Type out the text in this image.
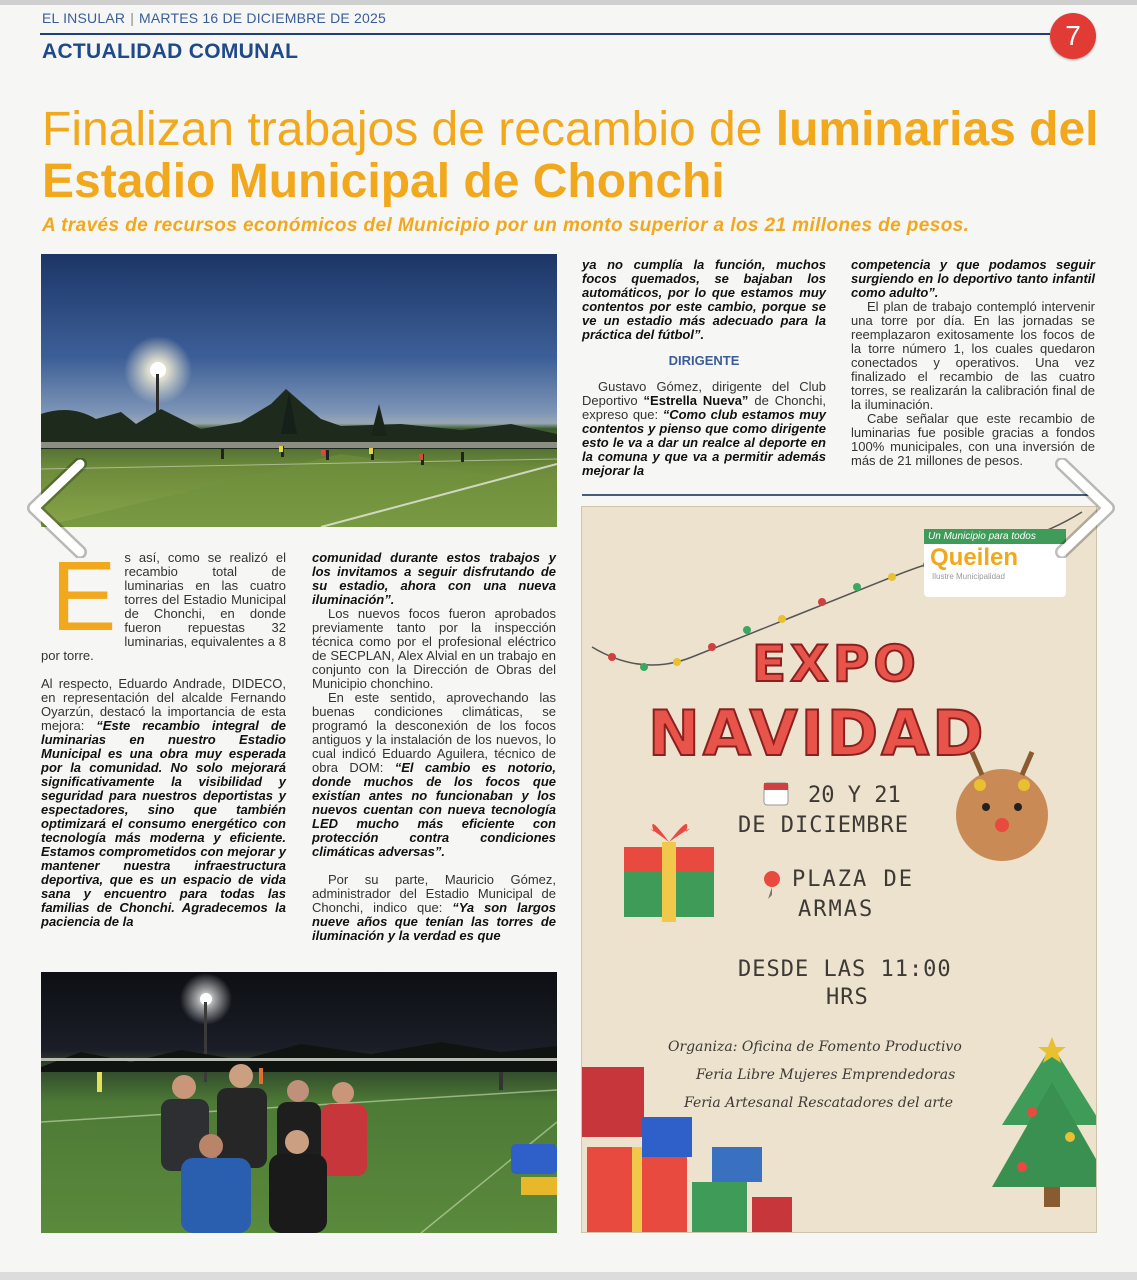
EL INSULAR | MARTES 16 DE DICIEMBRE DE 2025
7
ACTUALIDAD COMUNAL
Finalizan trabajos de recambio de luminarias del Estadio Municipal de Chonchi
A través de recursos económicos del Municipio por un monto superior a los 21 millones de pesos.
E s así, como se realizó el recambio total de luminarias en las cuatro torres del Estadio Municipal de Chonchi, en donde fueron repuestas 32 luminarias, equivalentes a 8 por torre.

Al respecto, Eduardo Andrade, DIDECO, en representación del alcalde Fernando Oyarzún, destacó la importancia de esta mejora: “Este recambio integral de luminarias en nuestro Estadio Municipal es una obra muy esperada por la comunidad. No solo mejorará significativamente la visibilidad y seguridad para nuestros deportistas y espectadores, sino que también optimizará el consumo energético con tecnología más moderna y eficiente. Estamos comprometidos con mejorar y mantener nuestra infraestructura deportiva, que es un espacio de vida sana y encuentro para todas las familias de Chonchi. Agradecemos la paciencia de la

comunidad durante estos trabajos y los invitamos a seguir disfrutando de su estadio, ahora con una nueva iluminación”.

Los nuevos focos fueron aprobados previamente tanto por la inspección técnica como por el profesional eléctrico de SECPLAN, Alex Alvial en un trabajo en conjunto con la Dirección de Obras del Municipio chonchino.

En este sentido, aprovechando las buenas condiciones climáticas, se programó la desconexión de los focos antiguos y la instalación de los nuevos, lo cual indicó Eduardo Aguilera, técnico de obra DOM: “El cambio es notorio, donde muchos de los focos que existían antes no funcionaban y los nuevos cuentan con nueva tecnología LED mucho más eficiente con protección contra condiciones climáticas adversas”.

Por su parte, Mauricio Gómez, administrador del Estadio Municipal de Chonchi, indico que: “Ya son largos nueve años que tenían las torres de iluminación y la verdad es que

ya no cumplía la función, muchos focos quemados, se bajaban los automáticos, por lo que estamos muy contentos por este cambio, porque se ve un estadio más adecuado para la práctica del fútbol”.

DIRIGENTE

Gustavo Gómez, dirigente del Club Deportivo “Estrella Nueva” de Chonchi, expreso que: “Como club estamos muy contentos y pienso que como dirigente esto le va a dar un realce al deporte en la comuna y que va a permitir además mejorar la

competencia y que podamos seguir surgiendo en lo deportivo tanto infantil como adulto”.

El plan de trabajo contempló intervenir una torre por día. En las jornadas se reemplazaron exitosamente los focos de la torre número 1, los cuales quedaron conectados y operativos. Una vez finalizado el recambio de las cuatro torres, se realizarán la calibración final de la iluminación.

Cabe señalar que este recambio de luminarias fue posible gracias a fondos 100% municipales, con una inversión de más de 21 millones de pesos.

Un Municipio para todos
Queilen
Ilustre Municipalidad
EXPO
NAVIDAD
20 Y 21
DE DICIEMBRE
PLAZA DE
ARMAS
DESDE LAS 11:00
HRS
Organiza: Oficina de Fomento Productivo
Feria Libre Mujeres Emprendedoras
Feria Artesanal Rescatadores del arte
